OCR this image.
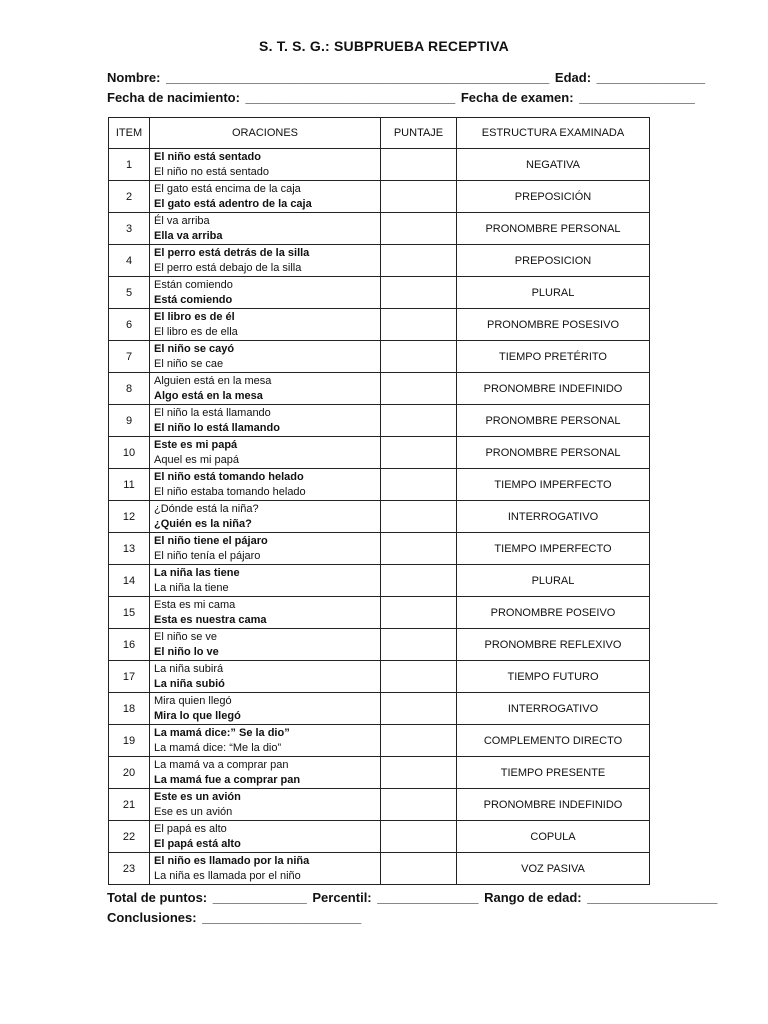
S. T. S. G.: SUBPRUEBA RECEPTIVA
Nombre: _____________________________________________________ Edad: _______________
Fecha de nacimiento: _____________________________ Fecha de examen: ________________
ITEM	ORACIONES	PUNTAJE	ESTRUCTURA EXAMINADA
1	El niño está sentado
El niño no está sentado		NEGATIVA
2	El gato está encima de la caja
El gato está adentro de la caja		PREPOSICIÓN
3	Él va arriba
Ella va arriba		PRONOMBRE PERSONAL
4	El perro está detrás de la silla
El perro está debajo de la silla		PREPOSICION
5	Están comiendo
Está comiendo		PLURAL
6	El libro es de él
El libro es de ella		PRONOMBRE POSESIVO
7	El niño se cayó
El niño se cae		TIEMPO PRETÉRITO
8	Alguien está en la mesa
Algo está en la mesa		PRONOMBRE INDEFINIDO
9	El niño la está llamando
El niño lo está llamando		PRONOMBRE PERSONAL
10	Este es mi papá
Aquel es mi papá		PRONOMBRE PERSONAL
11	El niño está tomando helado
El niño estaba tomando helado		TIEMPO IMPERFECTO
12	¿Dónde está la niña?
¿Quién es la niña?		INTERROGATIVO
13	El niño tiene el pájaro
El niño tenía el pájaro		TIEMPO IMPERFECTO
14	La niña las tiene
La niña la tiene		PLURAL
15	Esta es mi cama
Esta es nuestra cama		PRONOMBRE POSEIVO
16	El niño se ve
El niño lo ve		PRONOMBRE REFLEXIVO
17	La niña subirá
La niña subió		TIEMPO FUTURO
18	Mira quien llegó
Mira lo que llegó		INTERROGATIVO
19	La mamá dice:” Se la dio”
La mamá dice: “Me la dio”		COMPLEMENTO DIRECTO
20	La mamá va a comprar pan
La mamá fue a comprar pan		TIEMPO PRESENTE
21	Este es un avión
Ese es un avión		PRONOMBRE INDEFINIDO
22	El papá es alto
El papá está alto		COPULA
23	El niño es llamado por la niña
La niña es llamada por el niño		VOZ PASIVA
Total de puntos: _____________ Percentil: ______________ Rango de edad: __________________
Conclusiones: ______________________
